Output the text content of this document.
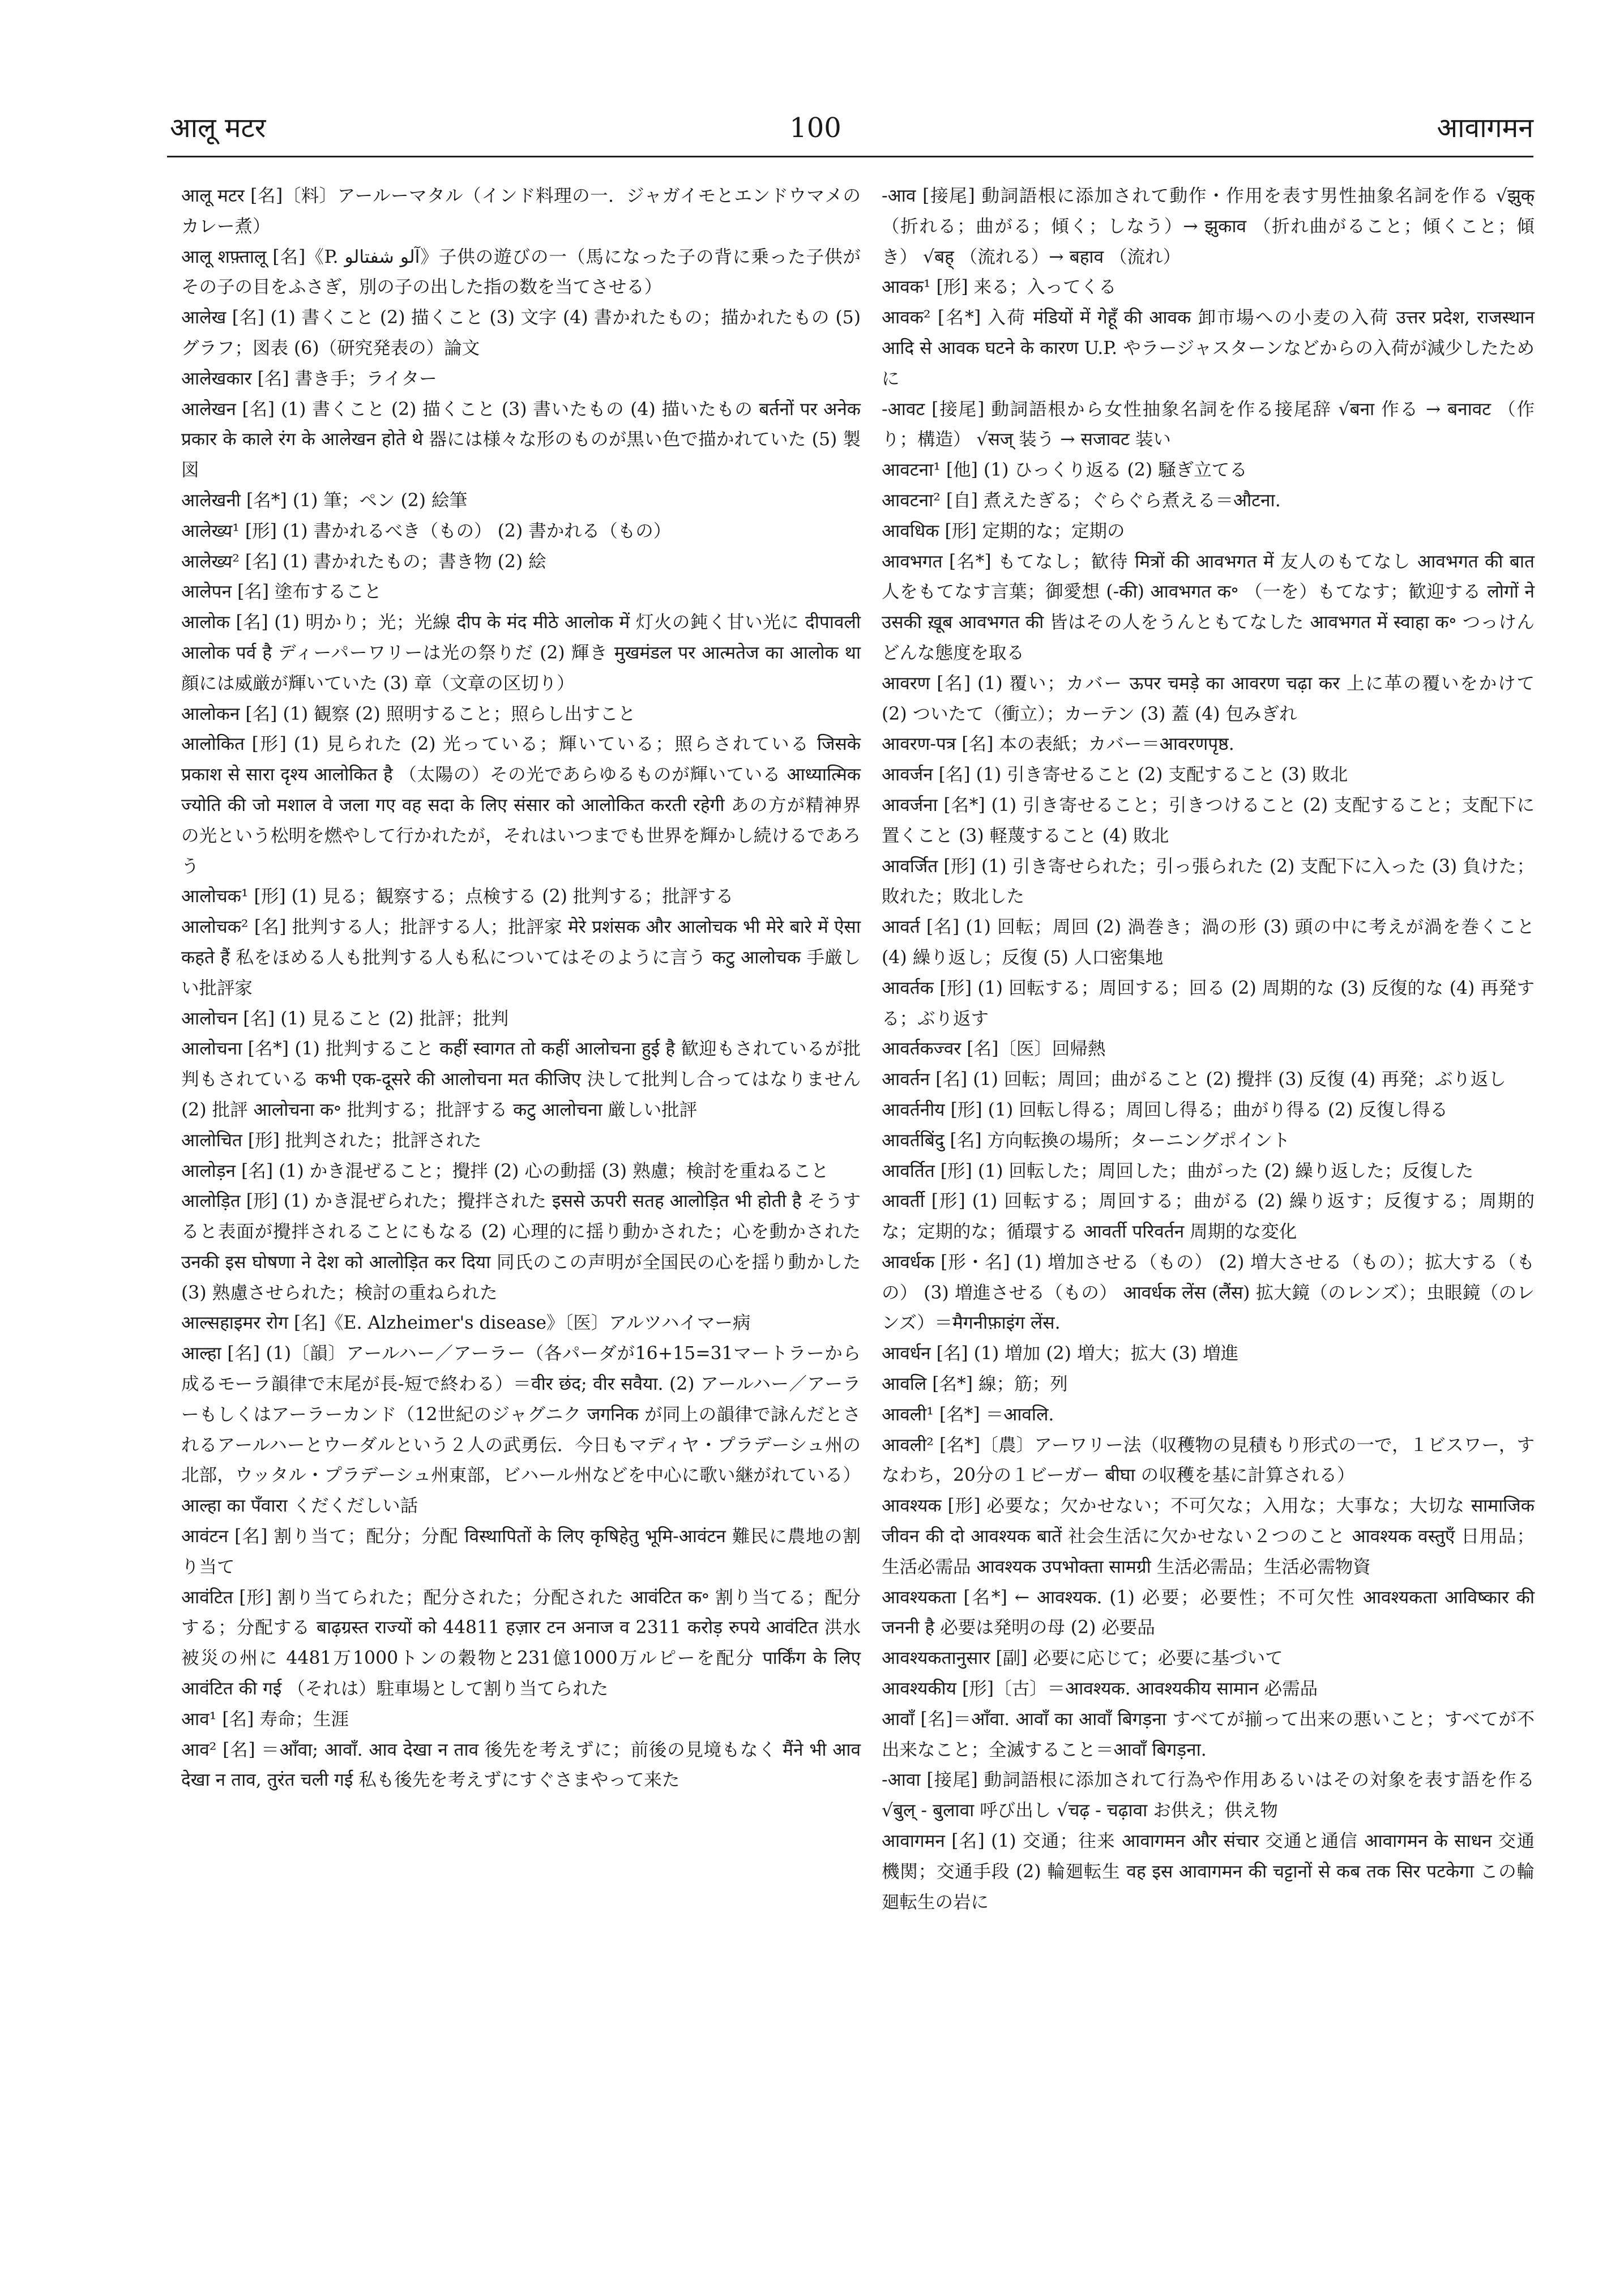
आलू मटर	100	आवागमन

आलू मटर [名]〔料〕アールーマタル（インド料理の一．ジャガイモとエンドウマメのカレー煮）

आलू शफ़्तालू [名]《P. آلو شفتالو》子供の遊びの一（馬になった子の背に乗った子供がその子の目をふさぎ，別の子の出した指の数を当てさせる）

आलेख [名] (1) 書くこと (2) 描くこと (3) 文字 (4) 書かれたもの；描かれたもの (5) グラフ；図表 (6)（研究発表の）論文

आलेखकार [名] 書き手；ライター

आलेखन [名] (1) 書くこと (2) 描くこと (3) 書いたもの (4) 描いたもの बर्तनों पर अनेक प्रकार के काले रंग के आलेखन होते थे 器には様々な形のものが黒い色で描かれていた (5) 製図

आलेखनी [名*] (1) 筆；ペン (2) 絵筆

आलेख्य¹ [形] (1) 書かれるべき（もの） (2) 書かれる（もの）

आलेख्य² [名] (1) 書かれたもの；書き物 (2) 絵

आलेपन [名] 塗布すること

आलोक [名] (1) 明かり；光；光線 दीप के मंद मीठे आलोक में 灯火の鈍く甘い光に दीपावली आलोक पर्व है ディーパーワリーは光の祭りだ (2) 輝き मुखमंडल पर आत्मतेज का आलोक था 顔には威厳が輝いていた (3) 章（文章の区切り）

आलोकन [名] (1) 観察 (2) 照明すること；照らし出すこと

आलोकित [形] (1) 見られた (2) 光っている；輝いている；照らされている जिसके प्रकाश से सारा दृश्य आलोकित है （太陽の）その光であらゆるものが輝いている आध्यात्मिक ज्योति की जो मशाल वे जला गए वह सदा के लिए संसार को आलोकित करती रहेगी あの方が精神界の光という松明を燃やして行かれたが，それはいつまでも世界を輝かし続けるであろう

आलोचक¹ [形] (1) 見る；観察する；点検する (2) 批判する；批評する

आलोचक² [名] 批判する人；批評する人；批評家 मेरे प्रशंसक और आलोचक भी मेरे बारे में ऐसा कहते हैं 私をほめる人も批判する人も私についてはそのように言う कटु आलोचक 手厳しい批評家

आलोचन [名] (1) 見ること (2) 批評；批判

आलोचना [名*] (1) 批判すること कहीं स्वागत तो कहीं आलोचना हुई है 歓迎もされているが批判もされている कभी एक-दूसरे की आलोचना मत कीजिए 決して批判し合ってはなりません (2) 批評 आलोचना क॰ 批判する；批評する कटु आलोचना 厳しい批評

आलोचित [形] 批判された；批評された

आलोड़न [名] (1) かき混ぜること；攪拌 (2) 心の動揺 (3) 熟慮；検討を重ねること

आलोड़ित [形] (1) かき混ぜられた；攪拌された इससे ऊपरी सतह आलोड़ित भी होती है そうすると表面が攪拌されることにもなる (2) 心理的に揺り動かされた；心を動かされた उनकी इस घोषणा ने देश को आलोड़ित कर दिया 同氏のこの声明が全国民の心を揺り動かした (3) 熟慮させられた；検討の重ねられた

आल्सहाइमर रोग [名]《E. Alzheimer's disease》〔医〕アルツハイマー病

आल्हा [名] (1)〔韻〕アールハー／アーラー（各パーダが16+15=31マートラーから成るモーラ韻律で末尾が長‐短で終わる）＝वीर छंद; वीर सवैया. (2) アールハー／アーラーもしくはアーラーカンド（12世紀のジャグニク जगनिक が同上の韻律で詠んだとされるアールハーとウーダルという２人の武勇伝．今日もマディヤ・プラデーシュ州の北部，ウッタル・プラデーシュ州東部，ビハール州などを中心に歌い継がれている） आल्हा का पँवारा くだくだしい話

आवंटन [名] 割り当て；配分；分配 विस्थापितों के लिए कृषिहेतु भूमि-आवंटन 難民に農地の割り当て

आवंटित [形] 割り当てられた；配分された；分配された आवंटित क॰ 割り当てる；配分する；分配する बाढ़ग्रस्त राज्यों को 44811 हज़ार टन अनाज व 2311 करोड़ रुपये आवंटित 洪水被災の州に 4481万1000トンの穀物と231億1000万ルピーを配分 पार्किंग के लिए आवंटित की गई （それは）駐車場として割り当てられた

आव¹ [名] 寿命；生涯

आव² [名] ＝आँवा; आवाँ. आव देखा न ताव 後先を考えずに；前後の見境もなく मैंने भी आव देखा न ताव, तुरंत चली गई 私も後先を考えずにすぐさまやって来た

-आव [接尾] 動詞語根に添加されて動作・作用を表す男性抽象名詞を作る √झुक् （折れる；曲がる；傾く；しなう）→ झुकाव （折れ曲がること；傾くこと；傾き） √बह् （流れる）→ बहाव （流れ）

आवक¹ [形] 来る；入ってくる

आवक² [名*] 入荷 मंडियों में गेहूँ की आवक 卸市場への小麦の入荷 उत्तर प्रदेश, राजस्थान आदि से आवक घटने के कारण U.P. やラージャスターンなどからの入荷が減少したために

-आवट [接尾] 動詞語根から女性抽象名詞を作る接尾辞 √बना 作る → बनावट （作り；構造） √सज् 装う → सजावट 装い

आवटना¹ [他] (1) ひっくり返る (2) 騒ぎ立てる

आवटना² [自] 煮えたぎる；ぐらぐら煮える＝औटना.

आवधिक [形] 定期的な；定期の

आवभगत [名*] もてなし；歓待 मित्रों की आवभगत में 友人のもてなし आवभगत की बात 人をもてなす言葉；御愛想 (-की) आवभगत क॰ （一を）もてなす；歓迎する लोगों ने उसकी ख़ूब आवभगत की 皆はその人をうんともてなした आवभगत में स्वाहा क॰ つっけんどんな態度を取る

आवरण [名] (1) 覆い；カバー ऊपर चमड़े का आवरण चढ़ा कर 上に革の覆いをかけて (2) ついたて（衝立）；カーテン (3) 蓋 (4) 包みぎれ

आवरण-पत्र [名] 本の表紙；カバー＝आवरणपृष्ठ.

आवर्जन [名] (1) 引き寄せること (2) 支配すること (3) 敗北

आवर्जना [名*] (1) 引き寄せること；引きつけること (2) 支配すること；支配下に置くこと (3) 軽蔑すること (4) 敗北

आवर्जित [形] (1) 引き寄せられた；引っ張られた (2) 支配下に入った (3) 負けた；敗れた；敗北した

आवर्त [名] (1) 回転；周回 (2) 渦巻き；渦の形 (3) 頭の中に考えが渦を巻くこと (4) 繰り返し；反復 (5) 人口密集地

आवर्तक [形] (1) 回転する；周回する；回る (2) 周期的な (3) 反復的な (4) 再発する；ぶり返す

आवर्तकज्वर [名]〔医〕回帰熱

आवर्तन [名] (1) 回転；周回；曲がること (2) 攪拌 (3) 反復 (4) 再発；ぶり返し

आवर्तनीय [形] (1) 回転し得る；周回し得る；曲がり得る (2) 反復し得る

आवर्तबिंदु [名] 方向転換の場所；ターニングポイント

आवर्तित [形] (1) 回転した；周回した；曲がった (2) 繰り返した；反復した

आवर्ती [形] (1) 回転する；周回する；曲がる (2) 繰り返す；反復する；周期的な；定期的な；循環する आवर्ती परिवर्तन 周期的な変化

आवर्धक [形・名] (1) 増加させる（もの） (2) 増大させる（もの）；拡大する（もの） (3) 増進させる（もの） आवर्धक लेंस (लैंस) 拡大鏡（のレンズ）；虫眼鏡（のレンズ）＝मैगनीफ़ाइंग लेंस.

आवर्धन [名] (1) 増加 (2) 増大；拡大 (3) 増進

आवलि [名*] 線；筋；列

आवली¹ [名*] ＝आवलि.

आवली² [名*]〔農〕アーワリー法（収穫物の見積もり形式の一で，１ビスワー，すなわち，20分の１ビーガー बीघा の収穫を基に計算される）

आवश्यक [形] 必要な；欠かせない；不可欠な；入用な；大事な；大切な सामाजिक जीवन की दो आवश्यक बातें 社会生活に欠かせない２つのこと आवश्यक वस्तुएँ 日用品；生活必需品 आवश्यक उपभोक्ता सामग्री 生活必需品；生活必需物資

आवश्यकता [名*] ← आवश्यक. (1) 必要；必要性；不可欠性 आवश्यकता आविष्कार की जननी है 必要は発明の母 (2) 必要品

आवश्यकतानुसार [副] 必要に応じて；必要に基づいて

आवश्यकीय [形]〔古〕＝आवश्यक. आवश्यकीय सामान 必需品

आवाँ [名]＝आँवा. आवाँ का आवाँ बिगड़ना すべてが揃って出来の悪いこと；すべてが不出来なこと；全滅すること＝आवाँ बिगड़ना.

-आवा [接尾] 動詞語根に添加されて行為や作用あるいはその対象を表す語を作る √बुल् - बुलावा 呼び出し √चढ़ - चढ़ावा お供え；供え物

आवागमन [名] (1) 交通；往来 आवागमन और संचार 交通と通信 आवागमन के साधन 交通機関；交通手段 (2) 輪廻転生 वह इस आवागमन की चट्टानों से कब तक सिर पटकेगा この輪廻転生の岩に
